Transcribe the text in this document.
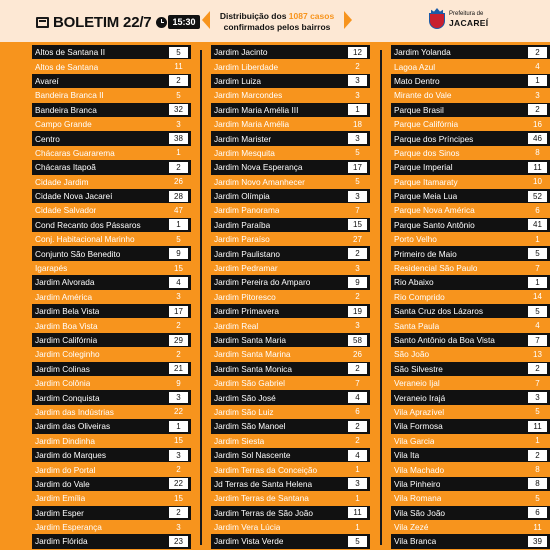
BOLETIM 22/7	15:30
Distribuição dos 1087 casos
confirmados pelos bairros
Prefeitura de
JACAREÍ
Altos de Santana II	5
Altos de Santana	11
Avareí	2
Bandeira Branca II	5
Bandeira Branca	32
Campo Grande	3
Centro	38
Chácaras Guararema	1
Chácaras Itapoã	2
Cidade Jardim	26
Cidade Nova Jacareí	28
Cidade Salvador	47
Cond Recanto dos Pássaros	1
Conj. Habitacional Marinho	5
Conjunto São Benedito	9
Igarapés	15
Jardim Alvorada	4
Jardim América	3
Jardim Bela Vista	17
Jardim Boa Vista	2
Jardim Califórnia	29
Jardim Coleginho	2
Jardim Colinas	21
Jardim Colônia	9
Jardim Conquista	3
Jardim das Indústrias	22
Jardim das Oliveiras	1
Jardim Dindinha	15
Jardim do Marques	3
Jardim do Portal	2
Jardim do Vale	22
Jardim Emília	15
Jardim Esper	2
Jardim Esperança	3
Jardim Flórida	23
Jardim Jacinto	12
Jardim Liberdade	2
Jardim Luiza	3
Jardim Marcondes	3
Jardim Maria Amélia III	1
Jardim Maria Amélia	18
Jardim Marister	3
Jardim Mesquita	5
Jardim Nova Esperança	17
Jardim Novo Amanhecer	5
Jardim Olímpia	3
Jardim Panorama	7
Jardim Paraíba	15
Jardim Paraíso	27
Jardim Paulistano	2
Jardim Pedramar	3
Jardim Pereira do Amparo	9
Jardim Pitoresco	2
Jardim Primavera	19
Jardim Real	3
Jardim Santa Maria	58
Jardim Santa Marina	26
Jardim Santa Monica	2
Jardim São Gabriel	7
Jardim São José	4
Jardim São Luiz	6
Jardim São Manoel	2
Jardim Siesta	2
Jardim Sol Nascente	4
Jardim Terras da Conceição	1
Jd Terras de Santa Helena	3
Jardim Terras de Santana	1
Jardim Terras de São João	11
Jardim Vera Lúcia	1
Jardim Vista Verde	5
Jardim Yolanda	2
Lagoa Azul	4
Mato Dentro	1
Mirante do Vale	3
Parque Brasil	2
Parque Califórnia	16
Parque dos Príncipes	46
Parque dos Sinos	8
Parque Imperial	11
Parque Itamaraty	10
Parque Meia Lua	52
Parque Nova América	6
Parque Santo Antônio	41
Porto Velho	1
Primeiro de Maio	5
Residencial São Paulo	7
Rio Abaixo	1
Rio Comprido	14
Santa Cruz dos Lázaros	5
Santa Paula	4
Santo Antônio da Boa Vista	7
São João	13
São Silvestre	2
Veraneio Ijal	7
Veraneio Irajá	3
Vila Aprazível	5
Vila Formosa	11
Vila Garcia	1
Vila Ita	2
Vila Machado	8
Vila Pinheiro	8
Vila Romana	5
Vila São João	6
Vila Zezé	11
Vila Branca	39
